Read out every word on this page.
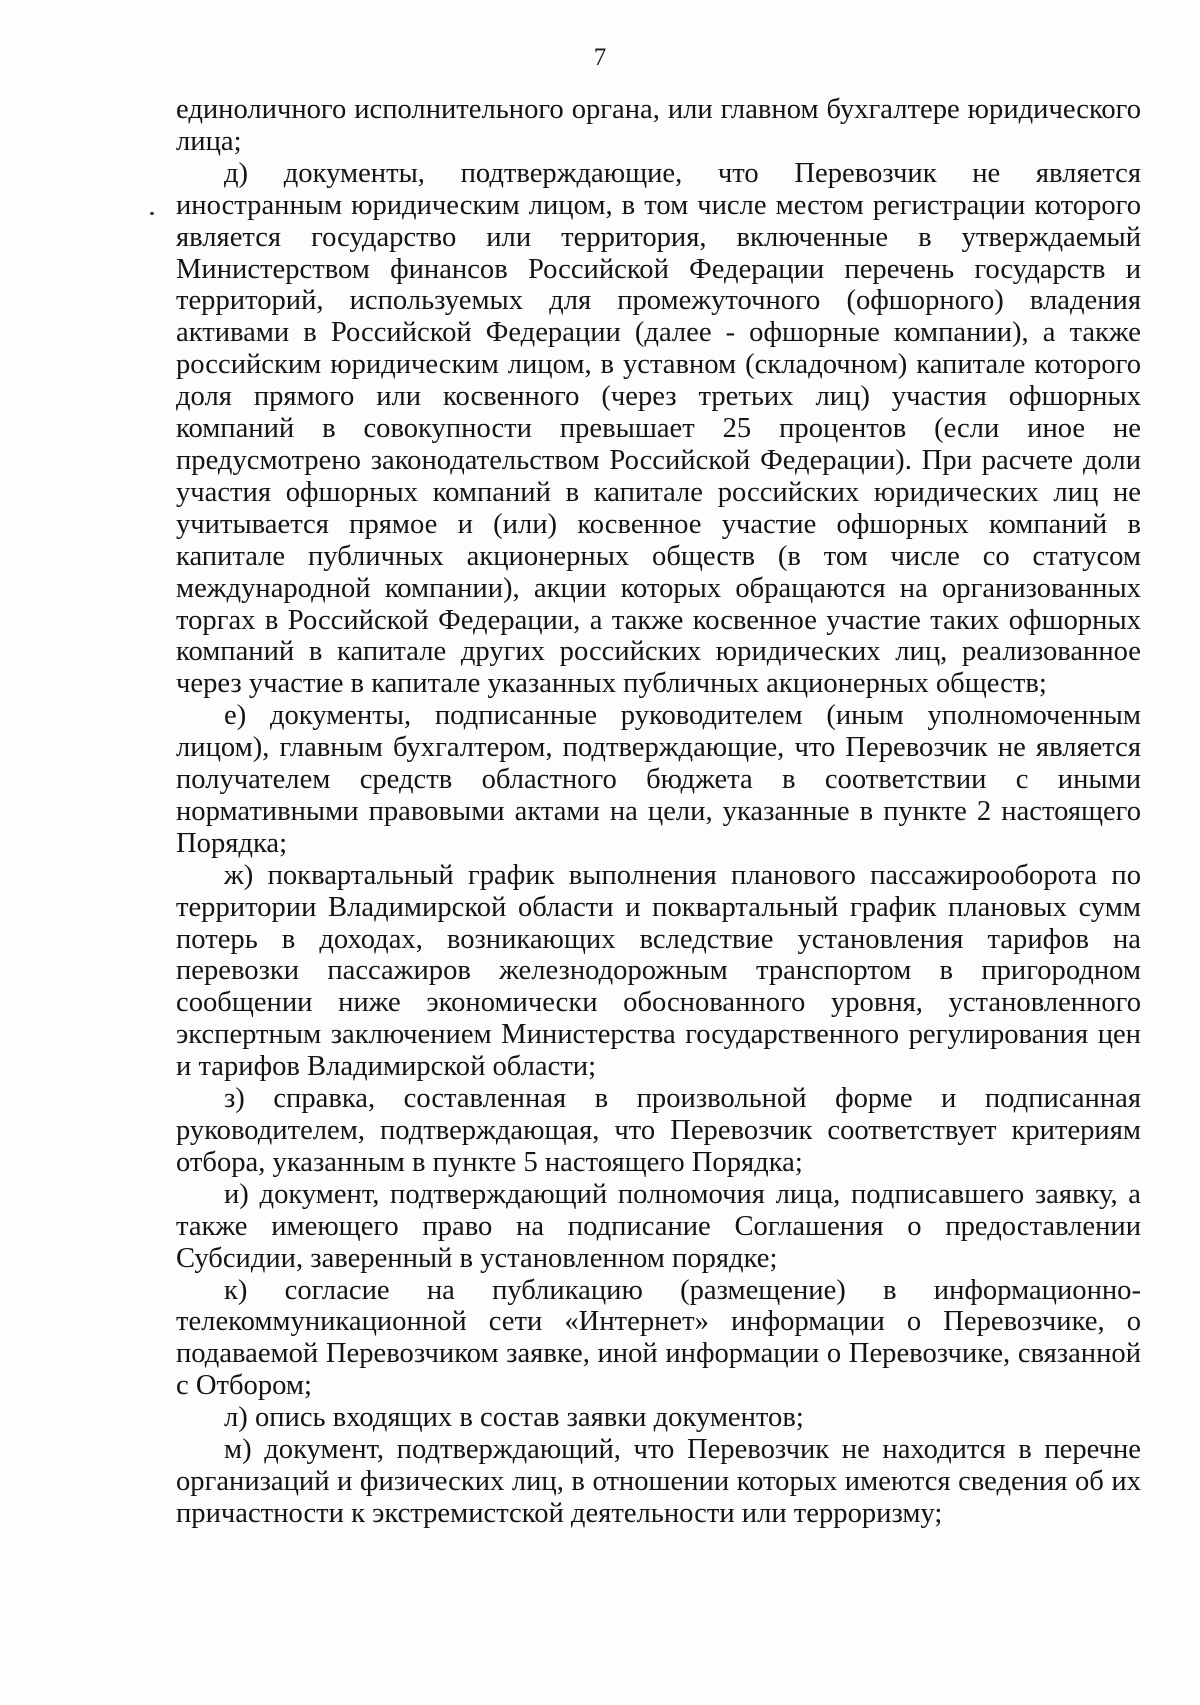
7

единоличного исполнительного органа, или главном бухгалтере юридического лица;

д) документы, подтверждающие, что Перевозчик не является иностранным юридическим лицом, в том числе местом регистрации которого является государство или территория, включенные в утверждаемый Министерством финансов Российской Федерации перечень государств и территорий, используемых для промежуточного (офшорного) владения активами в Российской Федерации (далее - офшорные компании), а также российским юридическим лицом, в уставном (складочном) капитале которого доля прямого или косвенного (через третьих лиц) участия офшорных компаний в совокупности превышает 25 процентов (если иное не предусмотрено законодательством Российской Федерации). При расчете доли участия офшорных компаний в капитале российских юридических лиц не учитывается прямое и (или) косвенное участие офшорных компаний в капитале публичных акционерных обществ (в том числе со статусом международной компании), акции которых обращаются на организованных торгах в Российской Федерации, а также косвенное участие таких офшорных компаний в капитале других российских юридических лиц, реализованное через участие в капитале указанных публичных акционерных обществ;

е) документы, подписанные руководителем (иным уполномоченным лицом), главным бухгалтером, подтверждающие, что Перевозчик не является получателем средств областного бюджета в соответствии с иными нормативными правовыми актами на цели, указанные в пункте 2 настоящего Порядка;

ж) поквартальный график выполнения планового пассажирооборота по территории Владимирской области и поквартальный график плановых сумм потерь в доходах, возникающих вследствие установления тарифов на перевозки пассажиров железнодорожным транспортом в пригородном сообщении ниже экономически обоснованного уровня, установленного экспертным заключением Министерства государственного регулирования цен и тарифов Владимирской области;

з) справка, составленная в произвольной форме и подписанная руководителем, подтверждающая, что Перевозчик соответствует критериям отбора, указанным в пункте 5 настоящего Порядка;

и) документ, подтверждающий полномочия лица, подписавшего заявку, а также имеющего право на подписание Соглашения о предоставлении Субсидии, заверенный в установленном порядке;

к) согласие на публикацию (размещение) в информационно-телекоммуникационной сети «Интернет» информации о Перевозчике, о подаваемой Перевозчиком заявке, иной информации о Перевозчике, связанной с Отбором;

л) опись входящих в состав заявки документов;

м) документ, подтверждающий, что Перевозчик не находится в перечне организаций и физических лиц, в отношении которых имеются сведения об их причастности к экстремистской деятельности или терроризму;
